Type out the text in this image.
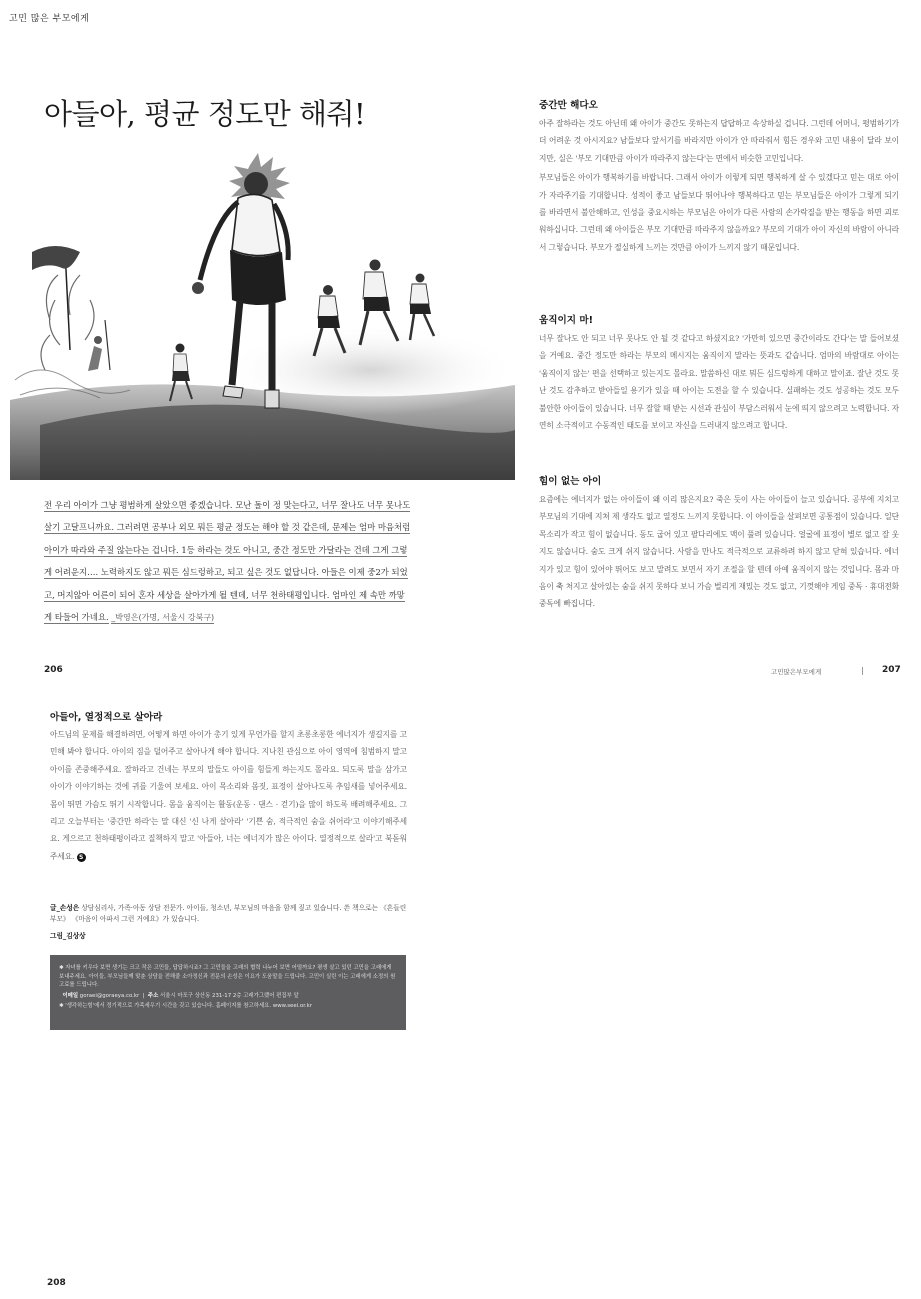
고민 많은 부모에게
아들아, 평균 정도만 해줘!
전 우리 아이가 그냥 평범하게 살았으면 좋겠습니다. 모난 돌이 정 맞는다고, 너무 잘나도 너무 못나도
살기 고달프니까요. 그러려면 공부나 외모 뭐든 평균 정도는 해야 할 것 같은데, 문제는 엄마 마음처럼
아이가 따라와 주질 않는다는 겁니다. 1등 하라는 것도 아니고, 중간 정도만 가달라는 건데 그게 그렇
게 어려운지…. 노력하지도 않고 뭐든 심드렁하고, 되고 싶은 것도 없답니다. 아들은 이제 중2가 되었
고, 머지않아 어른이 되어 혼자 세상을 살아가게 될 텐데, 너무 천하태평입니다. 엄마인 제 속만 까맣
게 타들어 가네요. _박영은(가명, 서울시 강북구)
중간만 해다오
아주 잘하라는 것도 아닌데 왜 아이가 중간도 못하는지 답답하고 속상하실 겁니다. 그런데 어머니, 평범하기가 더 어려운 것 아시지요? 남들보다 앞서기를 바라지만 아이가 안 따라줘서 힘든 경우와 고민 내용이 달라 보이지만, 실은 '부모 기대만큼 아이가 따라주지 않는다'는 면에서 비슷한 고민입니다.
부모님들은 아이가 행복하기를 바랍니다. 그래서 아이가 이렇게 되면 행복하게 살 수 있겠다고 믿는 대로 아이가 자라주기를 기대합니다. 성적이 좋고 남들보다 뛰어나야 행복하다고 믿는 부모님들은 아이가 그렇게 되기를 바라면서 불안해하고, 인성을 중요시하는 부모님은 아이가 다른 사람의 손가락질을 받는 행동을 하면 괴로워하십니다. 그런데 왜 아이들은 부모 기대만큼 따라주지 않을까요? 부모의 기대가 아이 자신의 바람이 아니라서 그렇습니다. 부모가 절실하게 느끼는 것만큼 아이가 느끼지 않기 때문입니다.
움직이지 마!
너무 잘나도 안 되고 너무 못나도 안 될 것 같다고 하셨지요? '가만히 있으면 중간이라도 간다'는 말 들어보셨을 거예요. 중간 정도만 하라는 부모의 메시지는 움직이지 말라는 뜻과도 같습니다. 엄마의 바람대로 아이는 '움직이지 않는' 편을 선택하고 있는지도 몰라요. 말씀하신 대로 뭐든 심드렁하게 대하고 말이죠. 잘난 것도 못난 것도 감추하고 받아들일 용기가 있을 때 아이는 도전을 할 수 있습니다. 실패하는 것도 성공하는 것도 모두 불안한 아이들이 있습니다. 너무 잘할 때 받는 시선과 관심이 부담스러워서 눈에 띄지 않으려고 노력합니다. 자연히 소극적이고 수동적인 태도를 보이고 자신을 드러내지 않으려고 합니다.
힘이 없는 아이
요즘에는 에너지가 없는 아이들이 왜 이리 많은지요? 죽은 듯이 사는 아이들이 늘고 있습니다. 공부에 지치고 부모님의 기대에 지쳐 제 생각도 없고 열정도 느끼지 못합니다. 이 아이들을 살펴보면 공통점이 있습니다. 일단 목소리가 작고 힘이 없습니다. 동도 굽어 있고 팔다리에도 맥이 풀려 있습니다. 얼굴에 표정이 별로 없고 잘 웃지도 않습니다. 숨도 크게 쉬지 않습니다. 사람을 만나도 적극적으로 교류하려 하지 않고 닫혀 있습니다. 에너지가 있고 힘이 있어야 뛰어도 보고 말려도 보면서 자기 조절을 할 텐데 아예 움직이지 않는 것입니다. 몸과 마음이 축 처지고 살아있는 숨을 쉬지 못하다 보니 가슴 벌리게 재밌는 것도 없고, 기껏해야 게임 중독 · 휴대전화 중독에 빠집니다.
206	고민많은부모에게	207
아들아, 열정적으로 살아라
아드님의 문제를 해결하려면, 어떻게 하면 아이가 총기 있게 무언가를 할지 초롱초롱한 에너지가 생길지를 고민해 봐야 합니다. 아이의 짐을 덜어주고 살아나게 해야 합니다. 지나친 관심으로 아이 영역에 침범하지 말고 아이를 존중해주세요. 잘하라고 건네는 부모의 말들도 아이를 힘들게 하는지도 몰라요. 되도록 말을 삼가고 아이가 이야기하는 것에 귀를 기울여 보세요. 아이 목소리와 몸짓, 표정이 살아나도록 추임새를 넣어주세요. 몸이 뛰면 가슴도 뛰기 시작합니다. 몸을 움직이는 활동(운동 · 댄스 · 걷기)을 많이 하도록 배려해주세요. 그리고 오늘부터는 '중간만 하라'는 말 대신 '신 나게 살아라' '기쁜 숨, 적극적인 숨을 쉬어라'고 이야기해주세요. 게으르고 천하태평이라고 질책하지 말고 '아들아, 너는 에너지가 많은 아이다. 열정적으로 살라'고 북돋워 주세요. S
글_손성은 상담심리사, 가족·아동 상담 전문가. 아이들, 청소년, 부모님의 마음을 함께 짚고 있습니다. 쓴 책으로는 《흔들린 부모》 《마음이 아파서 그런 거예요》가 있습니다.
그림_김상상

✱ 자녀를 키우다 보면 생기는 크고 작은 고민들, 답답하시죠? 그 고민들을 고래의 협력 나누어 보면 어떨까요? 평생 살고 있던 고민을 고래에게 보내주세요. 아이들, 부모님들께 맞춘 상담을 전해줄 소아정신과 전문의 손성은 이요가 도움말을 드립니다. 고민이 실린 이는 고래에게 소정의 원고료를 드립니다.

이메일 goraei@goraeya.co.kr  |  주소 서울시 마포구 상산동 231-17 2층 고래가그랬어 편집부 앞

✱ '생각하는힘'에서 정기적으로 가족세우기 시간을 갖고 있습니다. 홈페이지를 참고하세요. www.seei.or.kr

208
